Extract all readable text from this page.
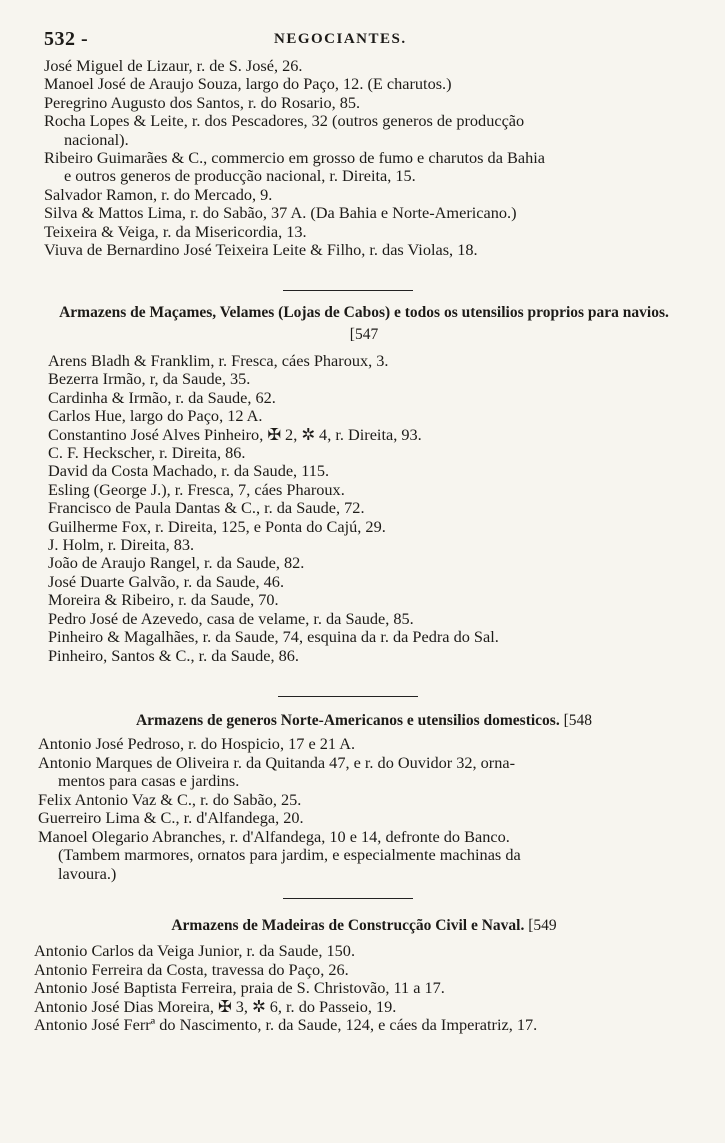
532 -	NEGOCIANTES.
José Miguel de Lizaur, r. de S. José, 26.
Manoel José de Araujo Souza, largo do Paço, 12. (E charutos.)
Peregrino Augusto dos Santos, r. do Rosario, 85.
Rocha Lopes & Leite, r. dos Pescadores, 32 (outros generos de producção
nacional).
Ribeiro Guimarães & C., commercio em grosso de fumo e charutos da Bahia
e outros generos de producção nacional, r. Direita, 15.
Salvador Ramon, r. do Mercado, 9.
Silva & Mattos Lima, r. do Sabão, 37 A. (Da Bahia e Norte-Americano.)
Teixeira & Veiga, r. da Misericordia, 13.
Viuva de Bernardino José Teixeira Leite & Filho, r. das Violas, 18.
Armazens de Maçames, Velames (Lojas de Cabos) e todos os utensilios proprios para navios. [547
Arens Bladh & Franklim, r. Fresca, cáes Pharoux, 3.
Bezerra Irmão, r, da Saude, 35.
Cardinha & Irmão, r. da Saude, 62.
Carlos Hue, largo do Paço, 12 A.
Constantino José Alves Pinheiro, ✠ 2, ✲ 4, r. Direita, 93.
C. F. Heckscher, r. Direita, 86.
David da Costa Machado, r. da Saude, 115.
Esling (George J.), r. Fresca, 7, cáes Pharoux.
Francisco de Paula Dantas & C., r. da Saude, 72.
Guilherme Fox, r. Direita, 125, e Ponta do Cajú, 29.
J. Holm, r. Direita, 83.
João de Araujo Rangel, r. da Saude, 82.
José Duarte Galvão, r. da Saude, 46.
Moreira & Ribeiro, r. da Saude, 70.
Pedro José de Azevedo, casa de velame, r. da Saude, 85.
Pinheiro & Magalhães, r. da Saude, 74, esquina da r. da Pedra do Sal.
Pinheiro, Santos & C., r. da Saude, 86.
Armazens de generos Norte-Americanos e utensilios domesticos. [548
Antonio José Pedroso, r. do Hospicio, 17 e 21 A.
Antonio Marques de Oliveira r. da Quitanda 47, e r. do Ouvidor 32, orna-
mentos para casas e jardins.
Felix Antonio Vaz & C., r. do Sabão, 25.
Guerreiro Lima & C., r. d'Alfandega, 20.
Manoel Olegario Abranches, r. d'Alfandega, 10 e 14, defronte do Banco.
(Tambem marmores, ornatos para jardim, e especialmente machinas da
lavoura.)
Armazens de Madeiras de Construcção Civil e Naval. [549
Antonio Carlos da Veiga Junior, r. da Saude, 150.
Antonio Ferreira da Costa, travessa do Paço, 26.
Antonio José Baptista Ferreira, praia de S. Christovão, 11 a 17.
Antonio José Dias Moreira, ✠ 3, ✲ 6, r. do Passeio, 19.
Antonio José Ferrª do Nascimento, r. da Saude, 124, e cáes da Imperatriz, 17.
